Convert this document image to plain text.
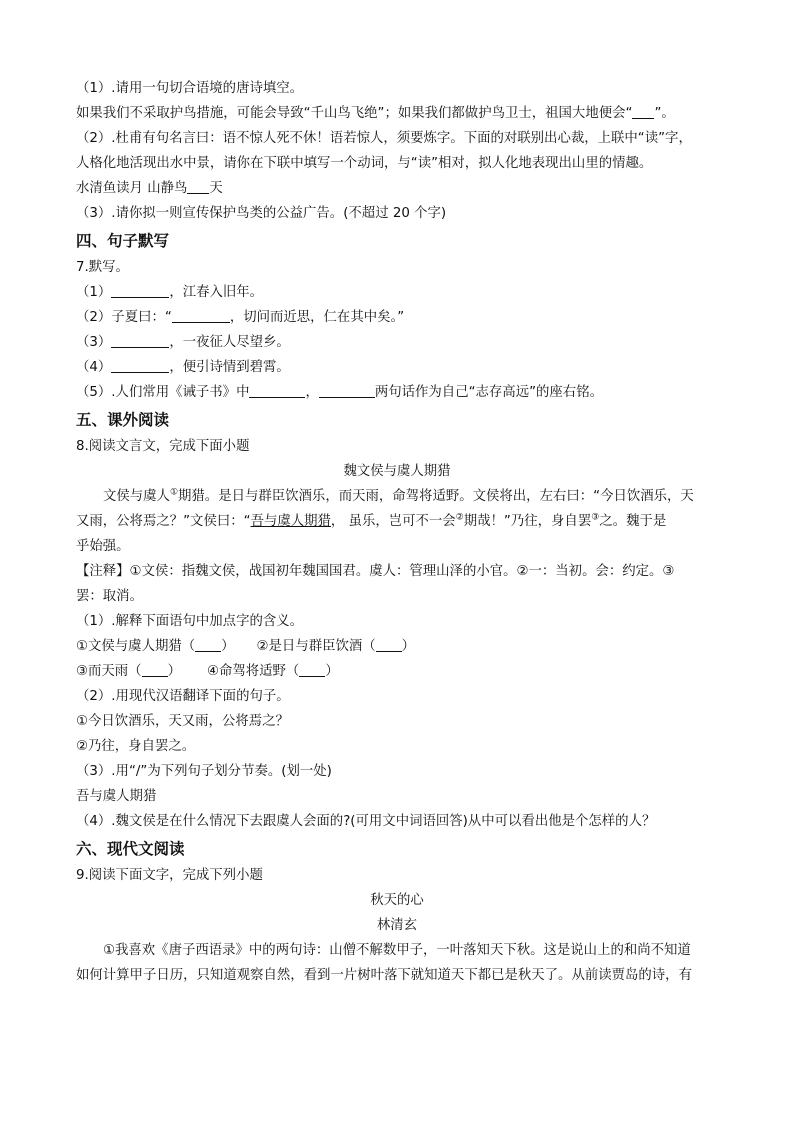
（1）.请用一句切合语境的唐诗填空。
如果我们不采取护鸟措施，可能会导致“千山鸟飞绝”；如果我们都做护鸟卫士，祖国大地便会“ ”。
（2）.杜甫有句名言曰：语不惊人死不休！语若惊人，须要炼字。下面的对联别出心裁，上联中“读”字，
人格化地活现出水中景，请你在下联中填写一个动词，与“读”相对，拟人化地表现出山里的情趣。
水清鱼读月 山静鸟 天
（3）.请你拟一则宣传保护鸟类的公益广告。(不超过 20 个字)
四、句子默写
7.默写。
（1）	，江春入旧年。
（2）子夏曰：“	，切问而近思，仁在其中矣。”
（3）	，一夜征人尽望乡。
（4）	，便引诗情到碧霄。
（5）.人们常用《诫子书》中	，	两句话作为自己“志存高远”的座右铭。
五、课外阅读
8.阅读文言文，完成下面小题
魏文侯与虞人期猎
文侯与虞人①期猎。是日与群臣饮酒乐，而天雨，命驾将适野。文侯将出，左右曰：“今日饮酒乐，天
又雨，公将焉之？”文侯曰：“吾与虞人期猎， 虽乐，岂可不一会②期哉！”乃往，身自罢③之。魏于是
乎始强。
【注释】①文侯：指魏文侯，战国初年魏国国君。虞人：管理山泽的小官。②一：当初。会：约定。③
罢：取消。
（1）.解释下面语句中加点字的含义。
①文侯与虞人期猎（ ） ②是日与群臣饮酒（ ）
③而天雨（ ） ④命驾将适野（ ）
（2）.用现代汉语翻译下面的句子。
①今日饮酒乐，天又雨，公将焉之？
②乃往，身自罢之。
（3）.用“/”为下列句子划分节奏。(划一处)
吾与虞人期猎
（4）.魏文侯是在什么情况下去跟虞人会面的?(可用文中词语回答)从中可以看出他是个怎样的人？
六、现代文阅读
9.阅读下面文字，完成下列小题
秋天的心
林清玄
①我喜欢《唐子西语录》中的两句诗：山僧不解数甲子，一叶落知天下秋。这是说山上的和尚不知道
如何计算甲子日历，只知道观察自然，看到一片树叶落下就知道天下都已是秋天了。从前读贾岛的诗，有
